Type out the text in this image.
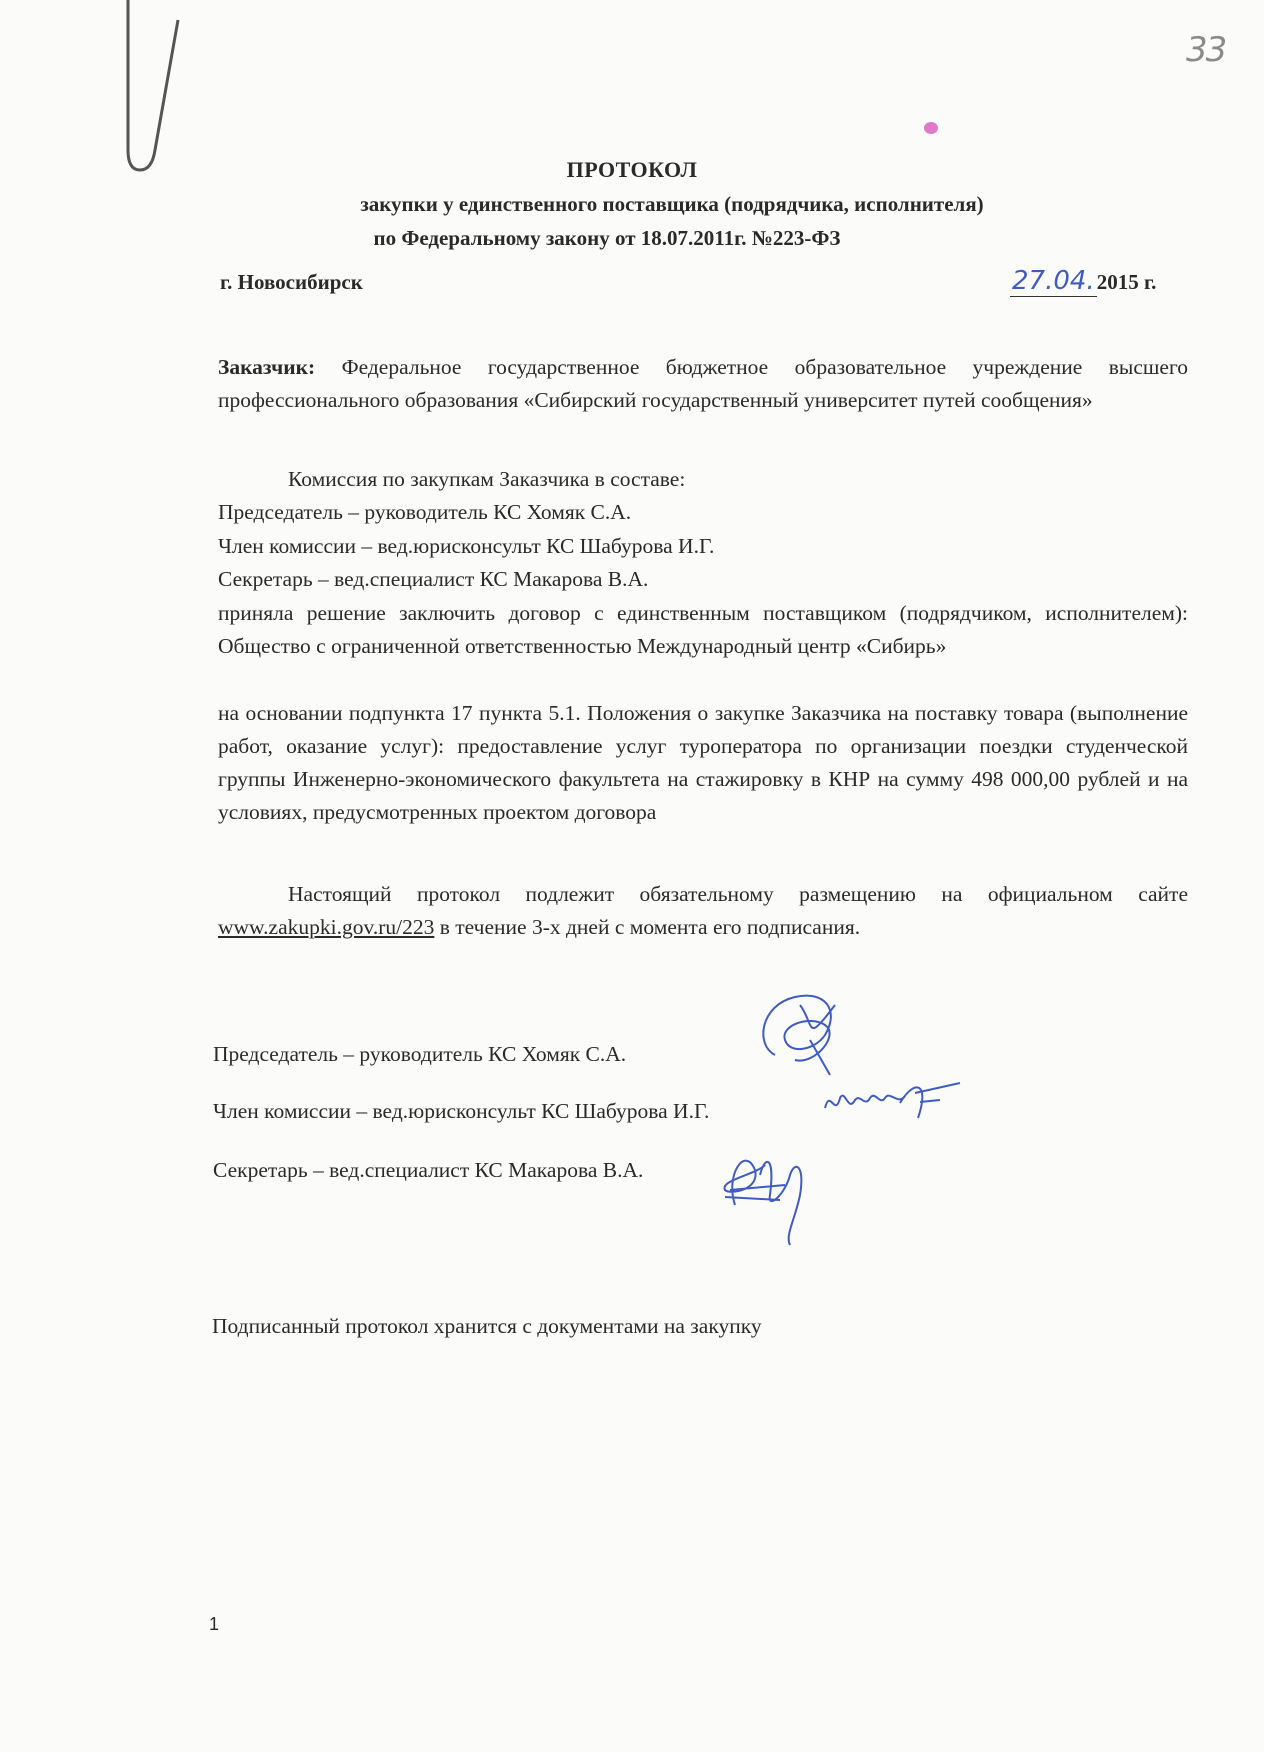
33
ПРОТОКОЛ
закупки у единственного поставщика (подрядчика, исполнителя)
по Федеральному закону от 18.07.2011г. №223-ФЗ
г. Новосибирск	27.04.2015 г.

Заказчик: Федеральное государственное бюджетное образовательное учреждение высшего профессионального образования «Сибирский государственный университет путей сообщения»

Комиссия по закупкам Заказчика в составе:
Председатель – руководитель КС Хомяк С.А.
Член комиссии – вед.юрисконсульт КС Шабурова И.Г.
Секретарь – вед.специалист КС Макарова В.А.

приняла решение заключить договор с единственным поставщиком (подрядчиком, исполнителем): Общество с ограниченной ответственностью Международный центр «Сибирь»

на основании подпункта 17 пункта 5.1. Положения о закупке Заказчика на поставку товара (выполнение работ, оказание услуг): предоставление услуг туроператора по организации поездки студенческой группы Инженерно-экономического факультета на стажировку в КНР на сумму 498 000,00 рублей и на условиях, предусмотренных проектом договора

Настоящий протокол подлежит обязательному размещению на официальном сайте www.zakupki.gov.ru/223 в течение 3-х дней с момента его подписания.

Председатель – руководитель КС Хомяк С.А.
Член комиссии – вед.юрисконсульт КС Шабурова И.Г.
Секретарь – вед.специалист КС Макарова В.А.
Подписанный протокол хранится с документами на закупку
1
